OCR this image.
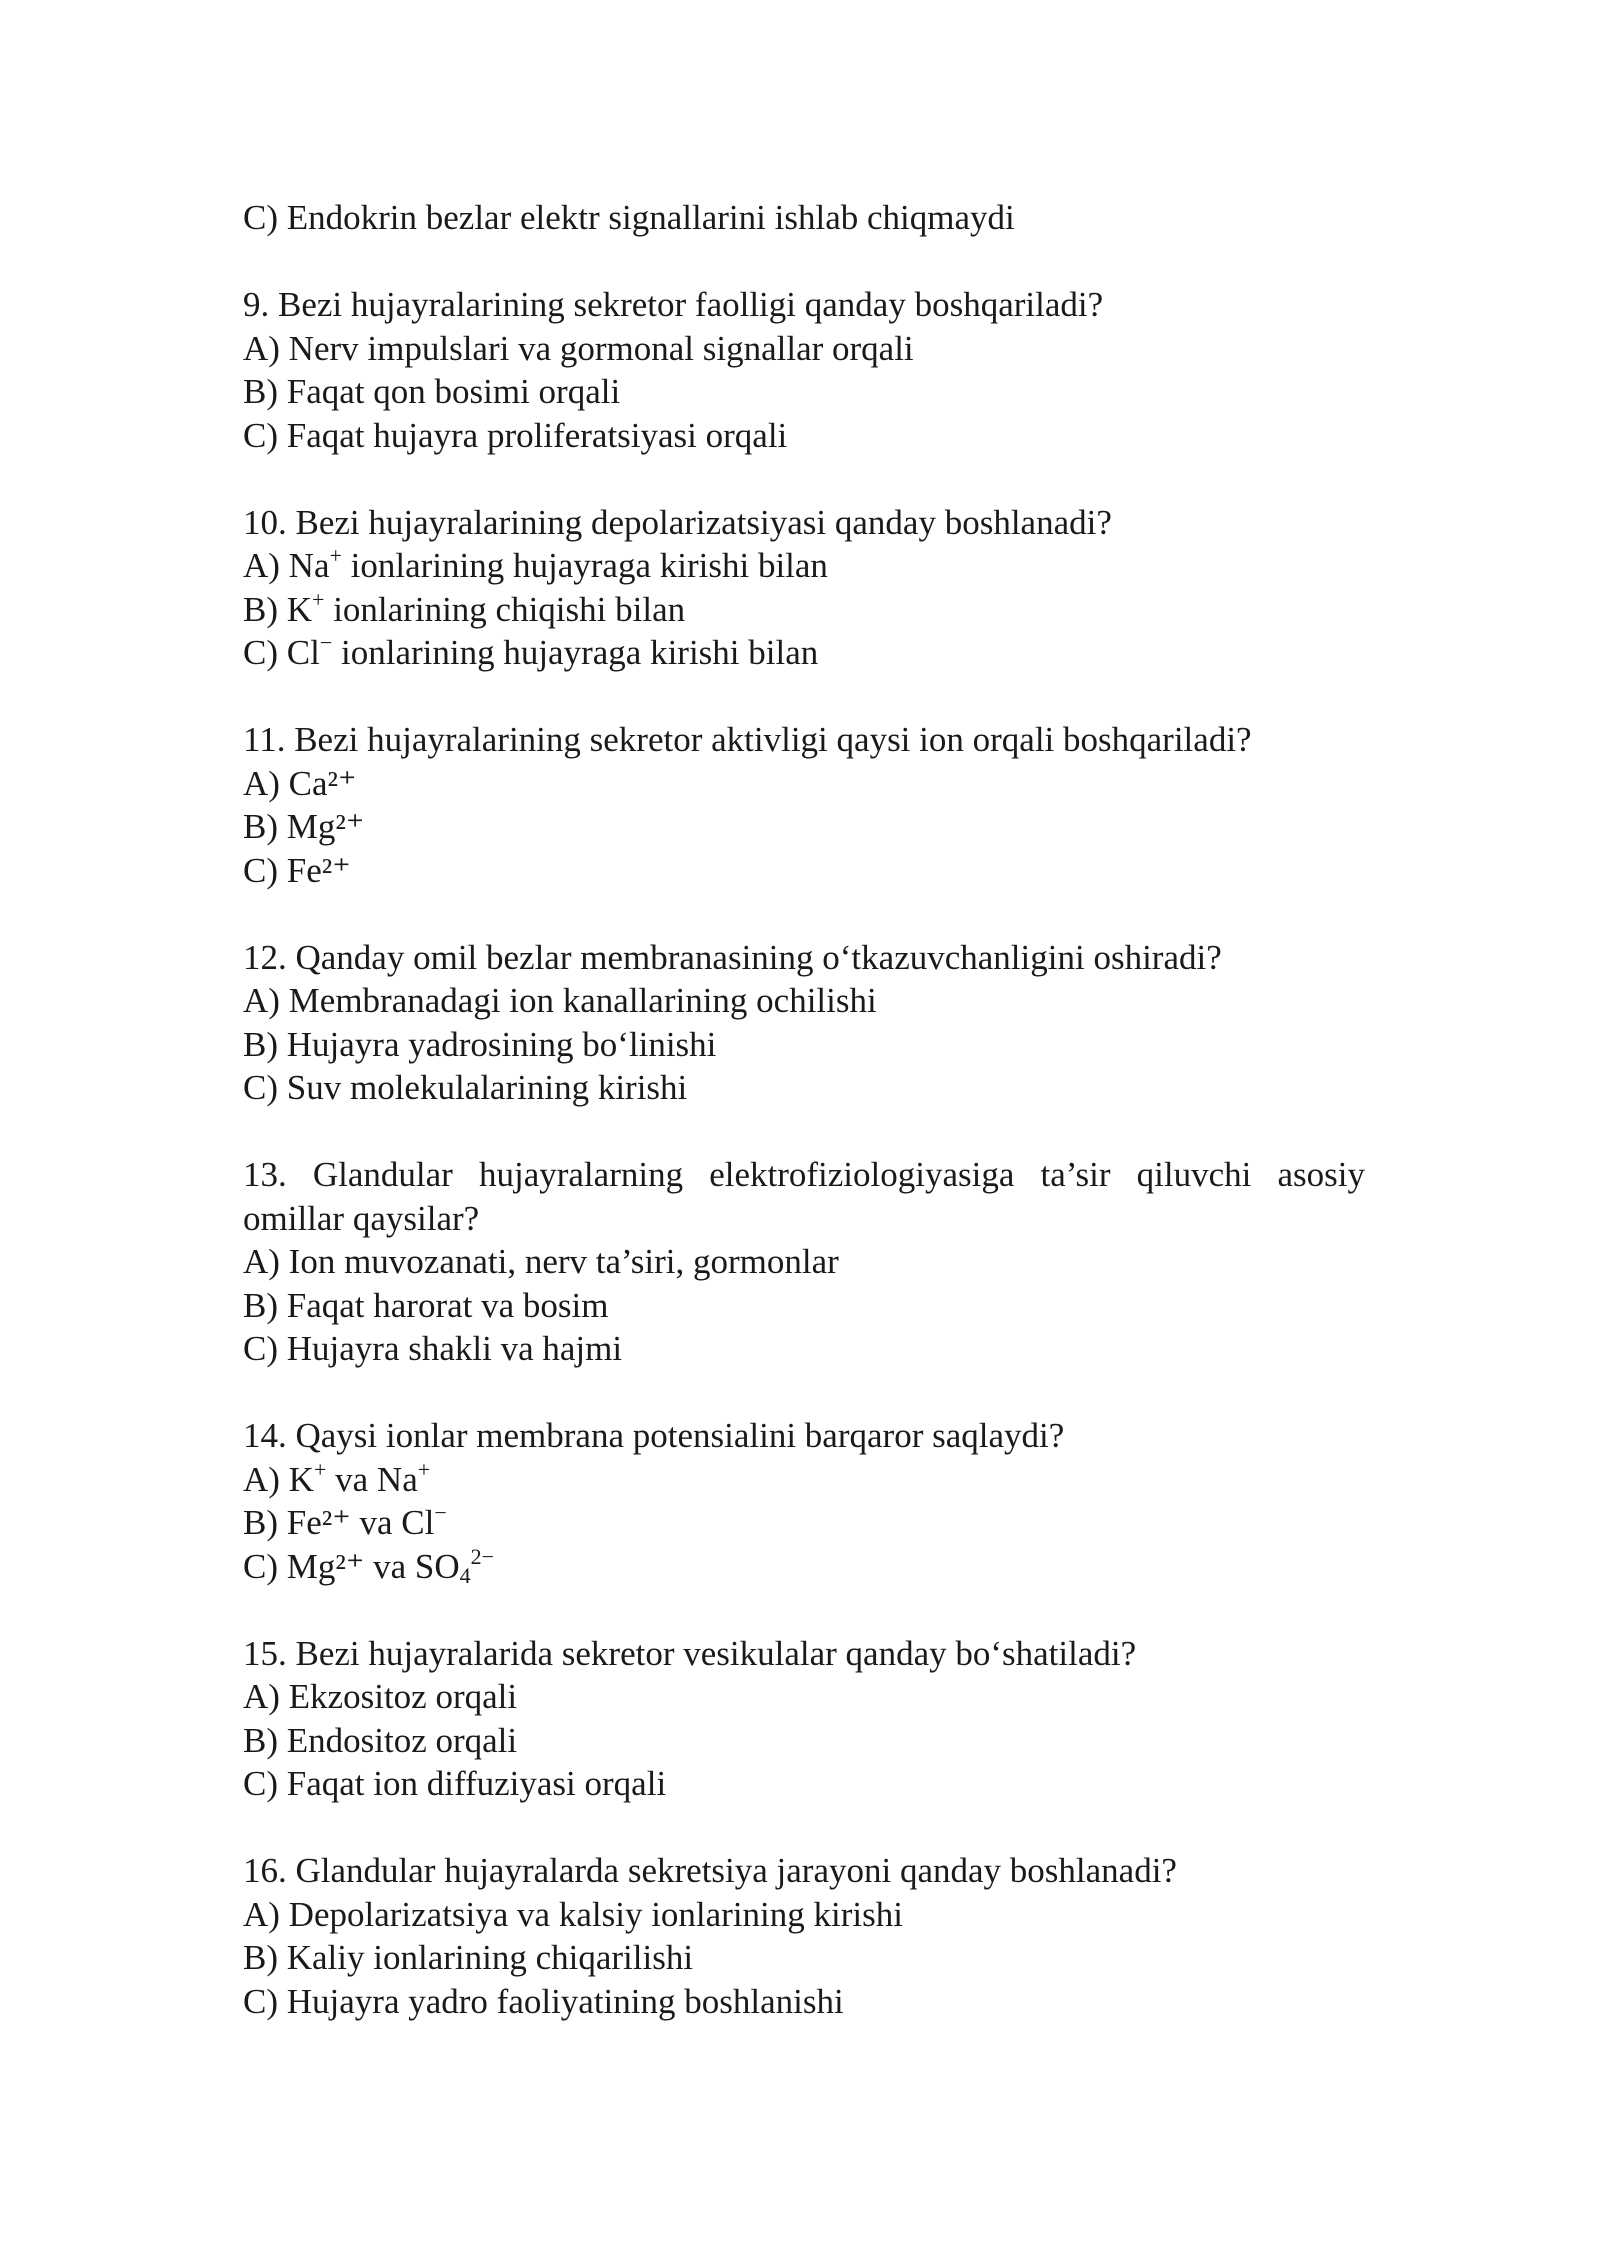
C) Endokrin bezlar elektr signallarini ishlab chiqmaydi

9. Bezi hujayralarining sekretor faolligi qanday boshqariladi?

A) Nerv impulslari va gormonal signallar orqali

B) Faqat qon bosimi orqali

C) Faqat hujayra proliferatsiyasi orqali

10. Bezi hujayralarining depolarizatsiyasi qanday boshlanadi?

A) Na+ ionlarining hujayraga kirishi bilan

B) K+ ionlarining chiqishi bilan

C) Cl− ionlarining hujayraga kirishi bilan

11. Bezi hujayralarining sekretor aktivligi qaysi ion orqali boshqariladi?

A) Ca²⁺

B) Mg²⁺

C) Fe²⁺

12. Qanday omil bezlar membranasining o‘tkazuvchanligini oshiradi?

A) Membranadagi ion kanallarining ochilishi

B) Hujayra yadrosining bo‘linishi

C) Suv molekulalarining kirishi

13. Glandular hujayralarning elektrofiziologiyasiga ta’sir qiluvchi asosiy omillar qaysilar?

A) Ion muvozanati, nerv ta’siri, gormonlar

B) Faqat harorat va bosim

C) Hujayra shakli va hajmi

14. Qaysi ionlar membrana potensialini barqaror saqlaydi?

A) K+ va Na+

B) Fe²⁺ va Cl−

C) Mg²⁺ va $SO_4^{2-}$

15. Bezi hujayralarida sekretor vesikulalar qanday bo‘shatiladi?

A) Ekzositoz orqali

B) Endositoz orqali

C) Faqat ion diffuziyasi orqali

16. Glandular hujayralarda sekretsiya jarayoni qanday boshlanadi?

A) Depolarizatsiya va kalsiy ionlarining kirishi

B) Kaliy ionlarining chiqarilishi

C) Hujayra yadro faoliyatining boshlanishi
